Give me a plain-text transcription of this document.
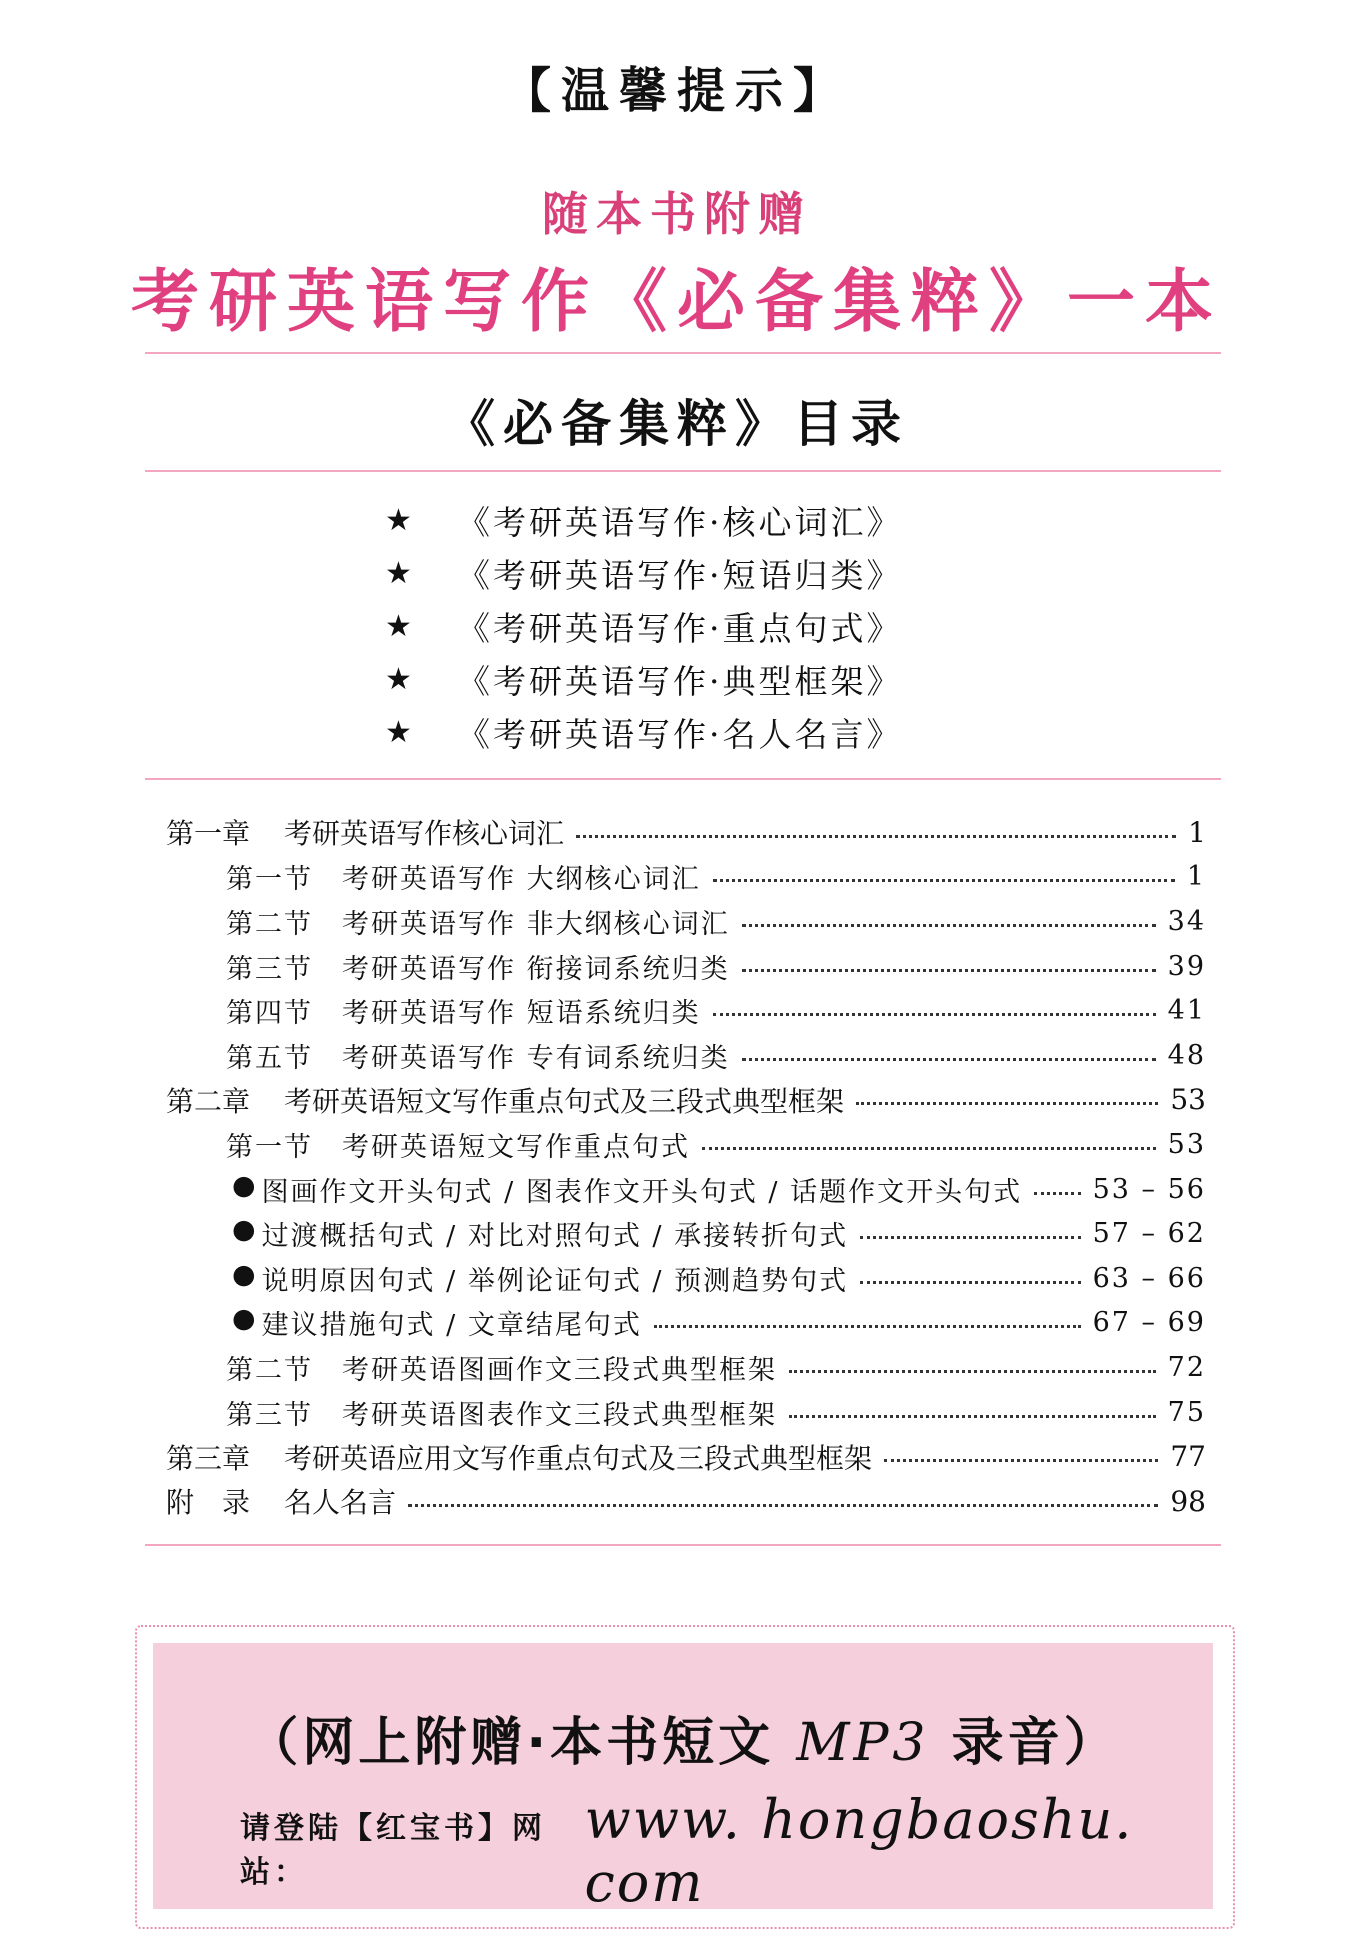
【温馨提示】
随本书附赠
考研英语写作《必备集粹》一本
《必备集粹》目录
★	《考研英语写作·核心词汇》
★	《考研英语写作·短语归类》
★	《考研英语写作·重点句式》
★	《考研英语写作·典型框架》
★	《考研英语写作·名人名言》
第一章	考研英语写作核心词汇	1
第一节	考研英语写作 大纲核心词汇	1
第二节	考研英语写作 非大纲核心词汇	34
第三节	考研英语写作 衔接词系统归类	39
第四节	考研英语写作 短语系统归类	41
第五节	考研英语写作 专有词系统归类	48
第二章	考研英语短文写作重点句式及三段式典型框架	53
第一节	考研英语短文写作重点句式	53
● 图画作文开头句式 / 图表作文开头句式 / 话题作文开头句式	53 – 56
● 过渡概括句式 / 对比对照句式 / 承接转折句式	57 – 62
● 说明原因句式 / 举例论证句式 / 预测趋势句式	63 – 66
● 建议措施句式 / 文章结尾句式	67 – 69
第二节	考研英语图画作文三段式典型框架	72
第三节	考研英语图表作文三段式典型框架	75
第三章	考研英语应用文写作重点句式及三段式典型框架	77
附　录	名人名言	98
（网上附赠·本书短文 MP3 录音）
请登陆【红宝书】网站：
www. hongbaoshu. com
